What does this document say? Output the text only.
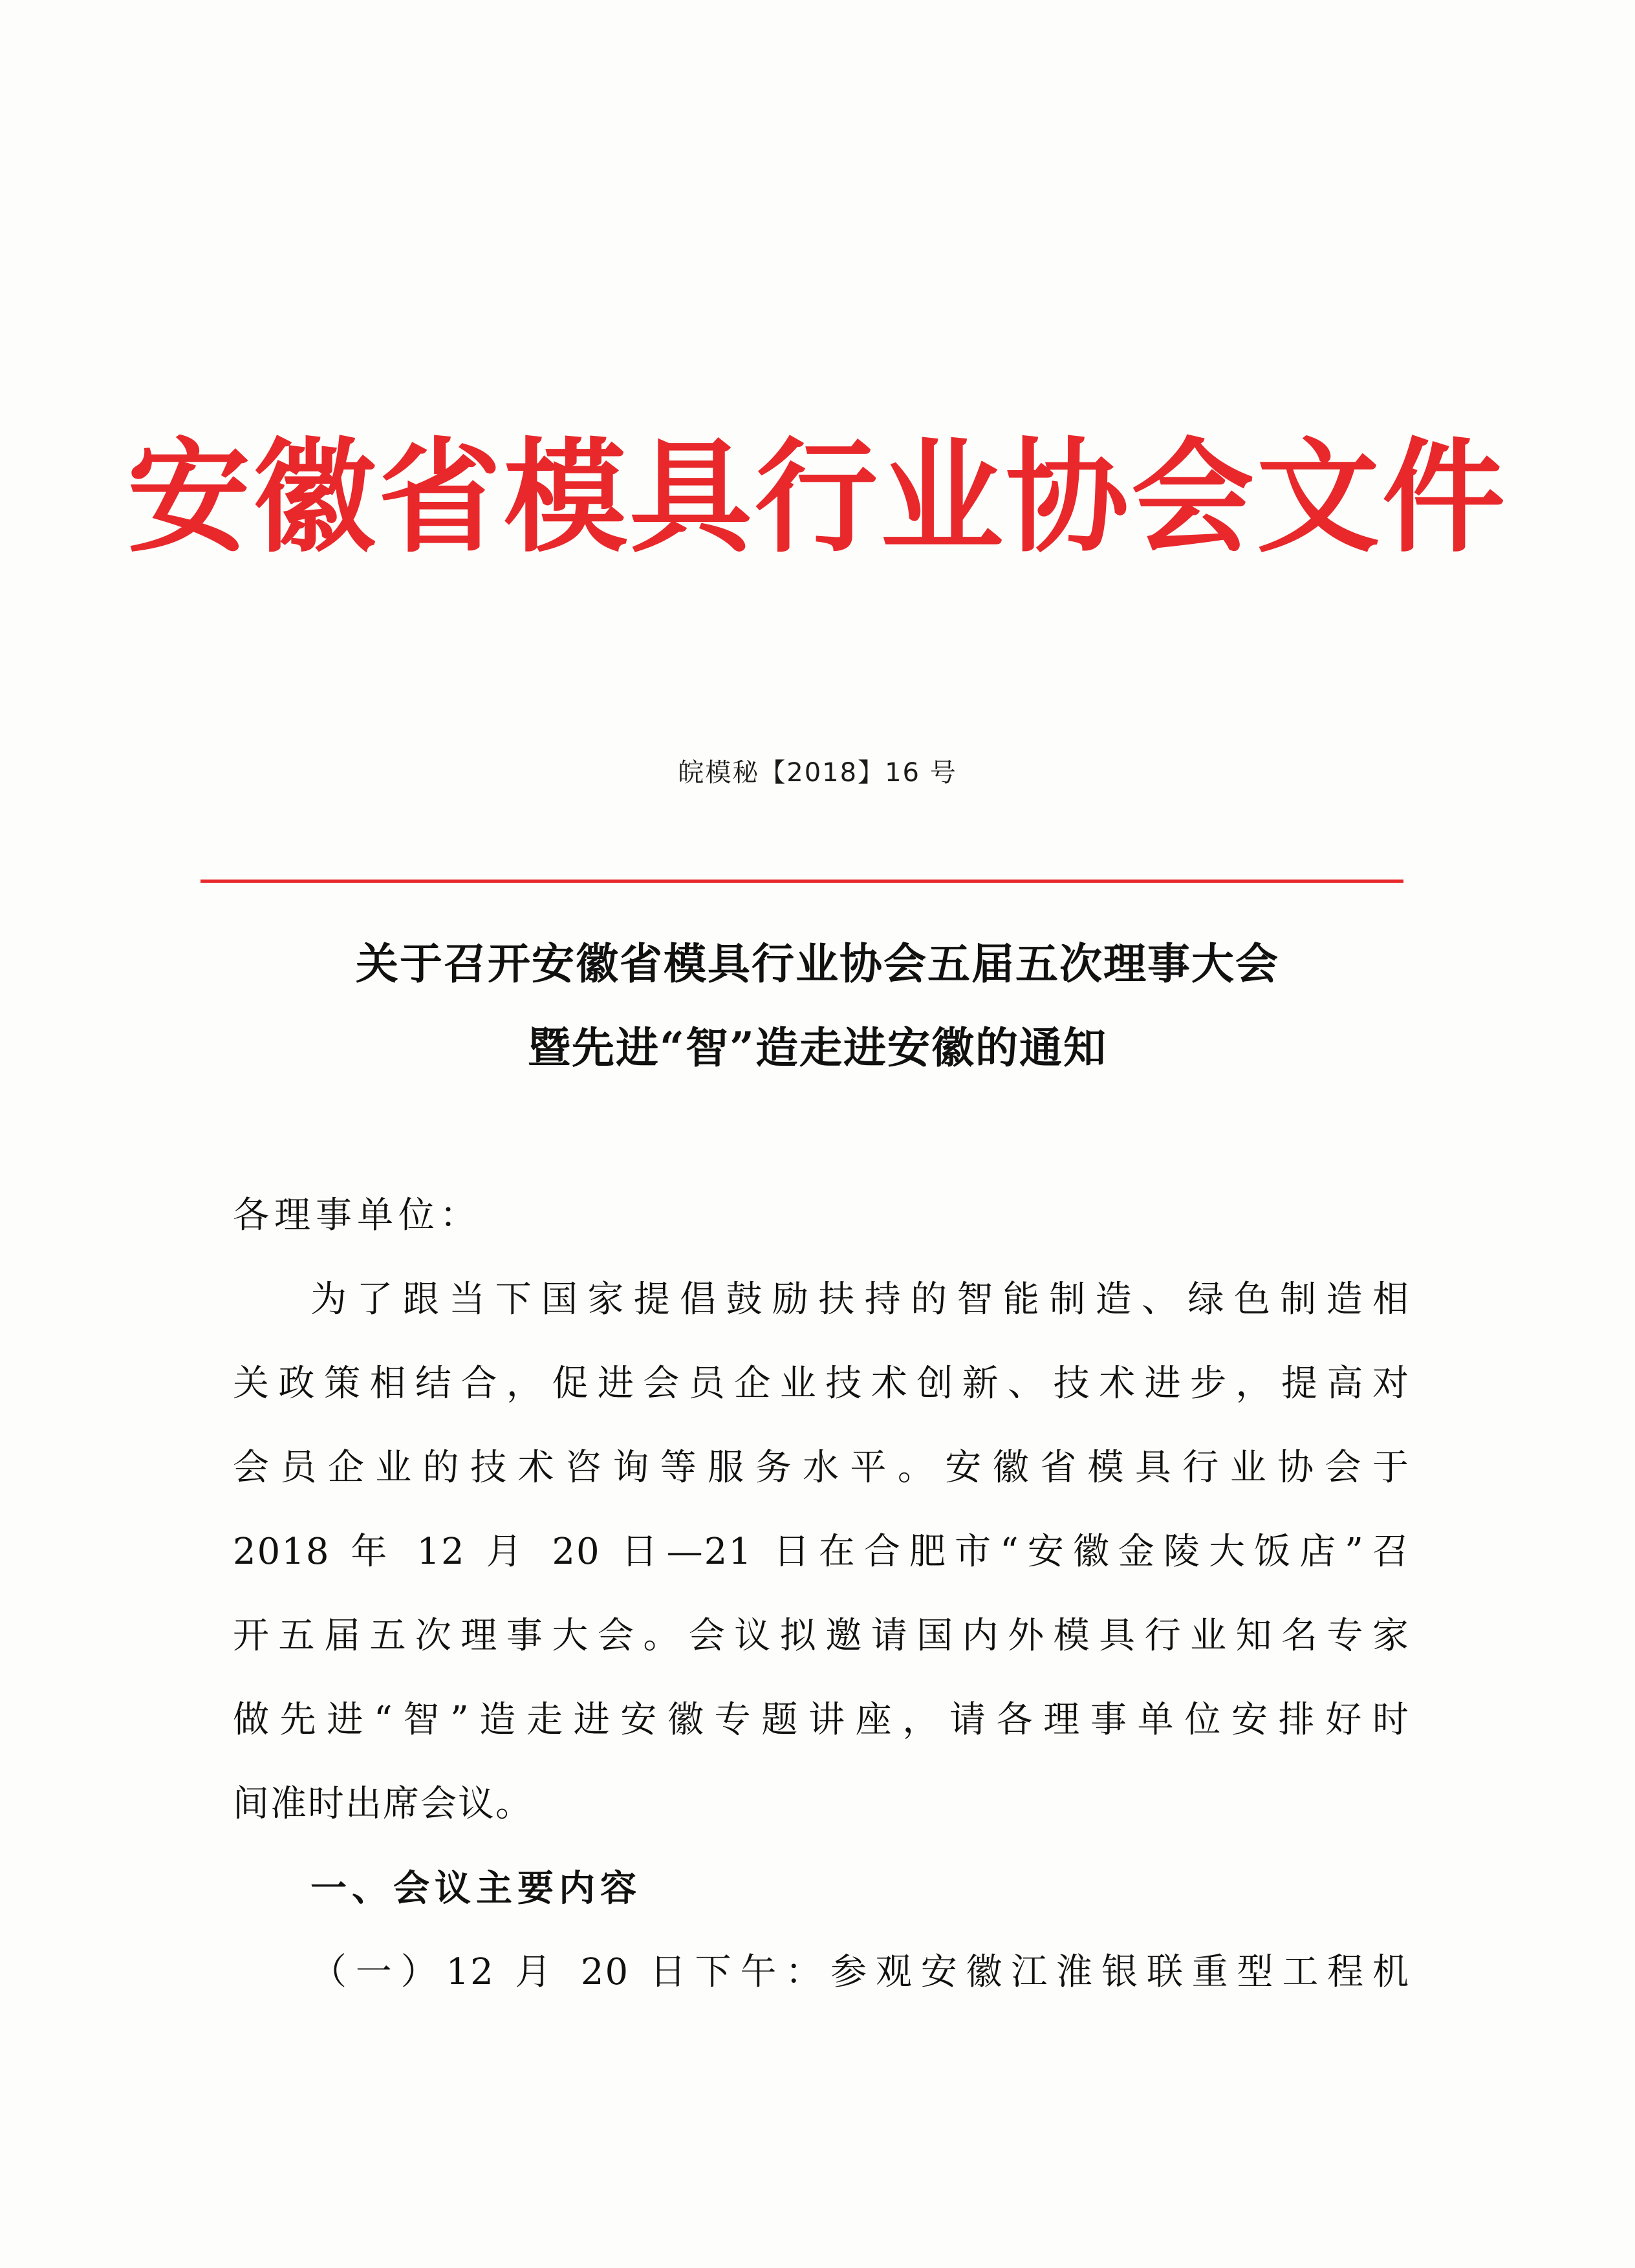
安徽省模具行业协会文件
皖模秘【2018】16 号
关于召开安徽省模具行业协会五届五次理事大会
暨先进“智”造走进安徽的通知
各理事单位：
为了跟当下国家提倡鼓励扶持的智能制造、绿色制造相
关政策相结合，促进会员企业技术创新、技术进步，提高对
会员企业的技术咨询等服务水平。安徽省模具行业协会于
2018 年 12 月 20 日—21 日在合肥市“安徽金陵大饭店”召
开五届五次理事大会。会议拟邀请国内外模具行业知名专家
做先进“智”造走进安徽专题讲座，请各理事单位安排好时
间准时出席会议。
一、会议主要内容
（一）12 月 20 日下午：参观安徽江淮银联重型工程机
